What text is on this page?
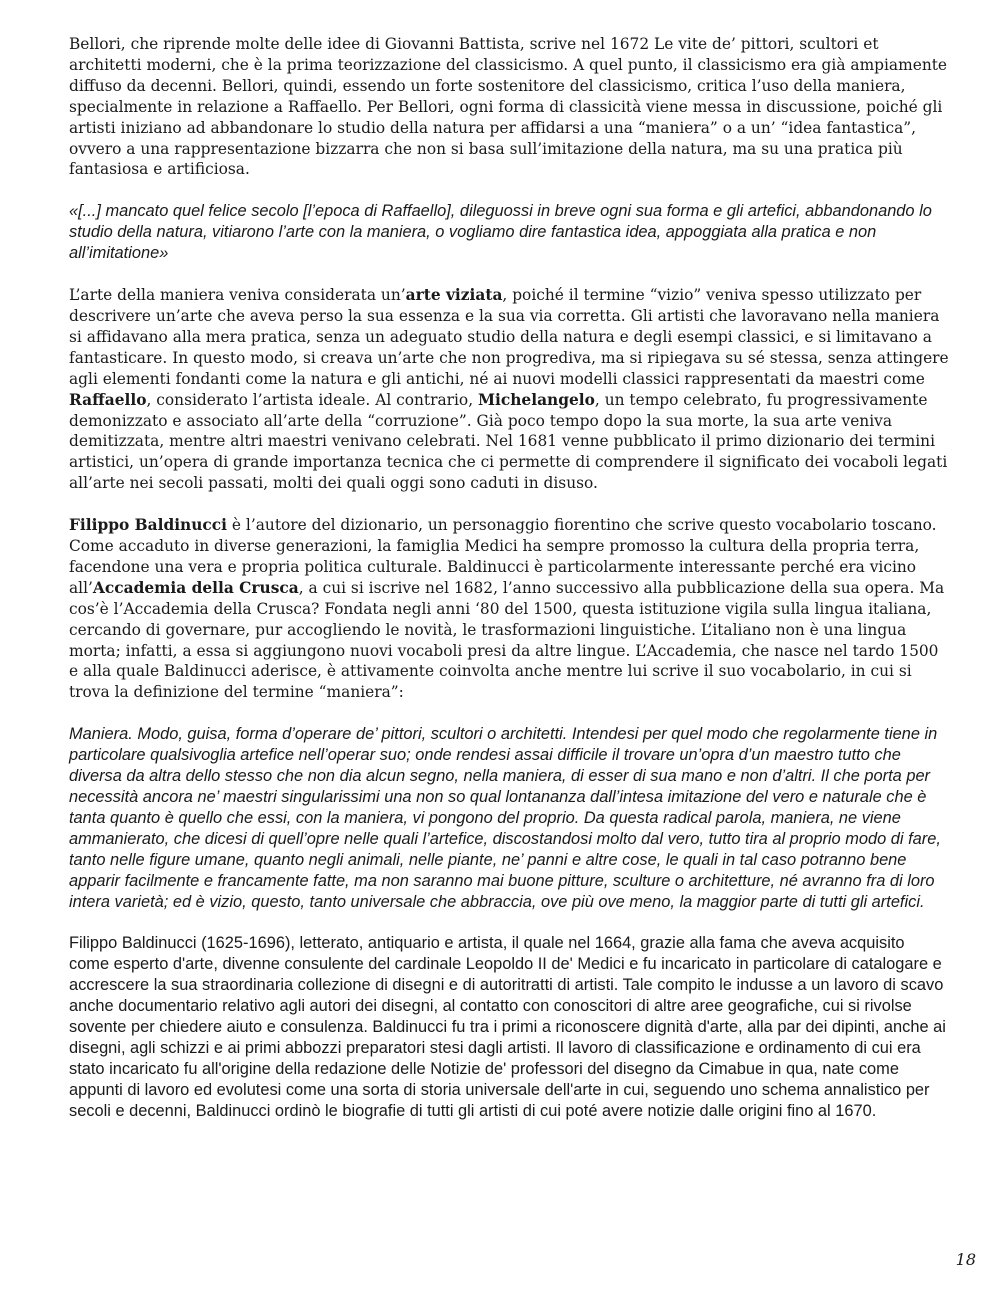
Bellori, che riprende molte delle idee di Giovanni Battista, scrive nel 1672 Le vite de’ pittori, scultori et architetti moderni, che è la prima teorizzazione del classicismo. A quel punto, il classicismo era già ampiamente diffuso da decenni. Bellori, quindi, essendo un forte sostenitore del classicismo, critica l’uso della maniera, specialmente in relazione a Raffaello. Per Bellori, ogni forma di classicità viene messa in discussione, poiché gli artisti iniziano ad abbandonare lo studio della natura per affidarsi a una “maniera” o a un’ “idea fantastica”, ovvero a una rappresentazione bizzarra che non si basa sull’imitazione della natura, ma su una pratica più fantasiosa e artificiosa.

«[...] mancato quel felice secolo [l’epoca di Raffaello], dileguossi in breve ogni sua forma e gli artefici, abbandonando lo studio della natura, vitiarono l’arte con la maniera, o vogliamo dire fantastica idea, appoggiata alla pratica e non all’imitatione»

L’arte della maniera veniva considerata un’arte viziata, poiché il termine “vizio” veniva spesso utilizzato per descrivere un’arte che aveva perso la sua essenza e la sua via corretta. Gli artisti che lavoravano nella maniera si affidavano alla mera pratica, senza un adeguato studio della natura e degli esempi classici, e si limitavano a fantasticare. In questo modo, si creava un’arte che non progrediva, ma si ripiegava su sé stessa, senza attingere agli elementi fondanti come la natura e gli antichi, né ai nuovi modelli classici rappresentati da maestri come Raffaello, considerato l’artista ideale. Al contrario, Michelangelo, un tempo celebrato, fu progressivamente demonizzato e associato all’arte della “corruzione”. Già poco tempo dopo la sua morte, la sua arte veniva demitizzata, mentre altri maestri venivano celebrati. Nel 1681 venne pubblicato il primo dizionario dei termini artistici, un’opera di grande importanza tecnica che ci permette di comprendere il significato dei vocaboli legati all’arte nei secoli passati, molti dei quali oggi sono caduti in disuso.

Filippo Baldinucci è l’autore del dizionario, un personaggio fiorentino che scrive questo vocabolario toscano. Come accaduto in diverse generazioni, la famiglia Medici ha sempre promosso la cultura della propria terra, facendone una vera e propria politica culturale. Baldinucci è particolarmente interessante perché era vicino all’Accademia della Crusca, a cui si iscrive nel 1682, l’anno successivo alla pubblicazione della sua opera. Ma cos’è l’Accademia della Crusca? Fondata negli anni ‘80 del 1500, questa istituzione vigila sulla lingua italiana, cercando di governare, pur accogliendo le novità, le trasformazioni linguistiche. L’italiano non è una lingua morta; infatti, a essa si aggiungono nuovi vocaboli presi da altre lingue. L’Accademia, che nasce nel tardo 1500 e alla quale Baldinucci aderisce, è attivamente coinvolta anche mentre lui scrive il suo vocabolario, in cui si trova la definizione del termine “maniera”:

Maniera. Modo, guisa, forma d’operare de’ pittori, scultori o architetti. Intendesi per quel modo che regolarmente tiene in particolare qualsivoglia artefice nell’operar suo; onde rendesi assai difficile il trovare un’opra d’un maestro tutto che diversa da altra dello stesso che non dia alcun segno, nella maniera, di esser di sua mano e non d’altri. Il che porta per necessità ancora ne’ maestri singularissimi una non so qual lontananza dall’intesa imitazione del vero e naturale che è tanta quanto è quello che essi, con la maniera, vi pongono del proprio. Da questa radical parola, maniera, ne viene ammanierato, che dicesi di quell’opre nelle quali l’artefice, discostandosi molto dal vero, tutto tira al proprio modo di fare, tanto nelle figure umane, quanto negli animali, nelle piante, ne’ panni e altre cose, le quali in tal caso potranno bene apparir facilmente e francamente fatte, ma non saranno mai buone pitture, sculture o architetture, né avranno fra di loro intera varietà; ed è vizio, questo, tanto universale che abbraccia, ove più ove meno, la maggior parte di tutti gli artefici.

Filippo Baldinucci (1625-1696), letterato, antiquario e artista, il quale nel 1664, grazie alla fama che aveva acquisito come esperto d'arte, divenne consulente del cardinale Leopoldo II de' Medici e fu incaricato in particolare di catalogare e accrescere la sua straordinaria collezione di disegni e di autoritratti di artisti. Tale compito le indusse a un lavoro di scavo anche documentario relativo agli autori dei disegni, al contatto con conoscitori di altre aree geografiche, cui si rivolse sovente per chiedere aiuto e consulenza. Baldinucci fu tra i primi a riconoscere dignità d'arte, alla par dei dipinti, anche ai disegni, agli schizzi e ai primi abbozzi preparatori stesi dagli artisti. Il lavoro di classificazione e ordinamento di cui era stato incaricato fu all'origine della redazione delle Notizie de' professori del disegno da Cimabue in qua, nate come appunti di lavoro ed evolutesi come una sorta di storia universale dell'arte in cui, seguendo uno schema annalistico per secoli e decenni, Baldinucci ordinò le biografie di tutti gli artisti di cui poté avere notizie dalle origini fino al 1670.

18
